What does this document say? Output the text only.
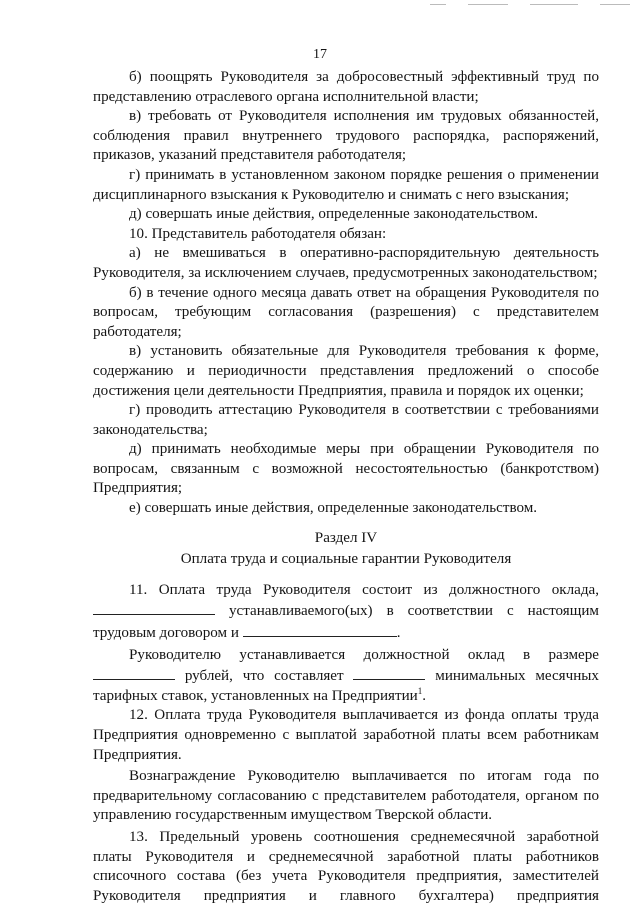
17

б) поощрять Руководителя за добросовестный эффективный труд по представлению отраслевого органа исполнительной власти;

в) требовать от Руководителя исполнения им трудовых обязанностей, соблюдения правил внутреннего трудового распорядка, распоряжений, приказов, указаний представителя работодателя;

г) принимать в установленном законом порядке решения о применении дисциплинарного взыскания к Руководителю и снимать с него взыскания;

д) совершать иные действия, определенные законодательством.

10. Представитель работодателя обязан:

а) не вмешиваться в оперативно-распорядительную деятельность Руководителя, за исключением случаев, предусмотренных законодательством;

б) в течение одного месяца давать ответ на обращения Руководителя по вопросам, требующим согласования (разрешения) с представителем работодателя;

в) установить обязательные для Руководителя требования к форме, содержанию и периодичности представления предложений о способе достижения цели деятельности Предприятия, правила и порядок их оценки;

г) проводить аттестацию Руководителя в соответствии с требованиями законодательства;

д) принимать необходимые меры при обращении Руководителя по вопросам, связанным с возможной несостоятельностью (банкротством) Предприятия;

е) совершать иные действия, определенные законодательством.

Раздел IV

Оплата труда и социальные гарантии Руководителя

11. Оплата труда Руководителя состоит из должностного оклада,

устанавливаемого(ых) в соответствии с настоящим

трудовым договором и	.

Руководителю устанавливается должностной оклад в размере

рублей, что составляет	минимальных месячных

тарифных ставок, установленных на Предприятии$^1$.

12. Оплата труда Руководителя выплачивается из фонда оплаты труда Предприятия одновременно с выплатой заработной платы всем работникам Предприятия.

Вознаграждение Руководителю выплачивается по итогам года по предварительному согласованию с представителем работодателя, органом по управлению государственным имуществом Тверской области.

13. Предельный уровень соотношения среднемесячной заработной платы Руководителя и среднемесячной заработной платы работников списочного состава (без учета Руководителя предприятия, заместителей Руководителя предприятия и главного бухгалтера) предприятия
